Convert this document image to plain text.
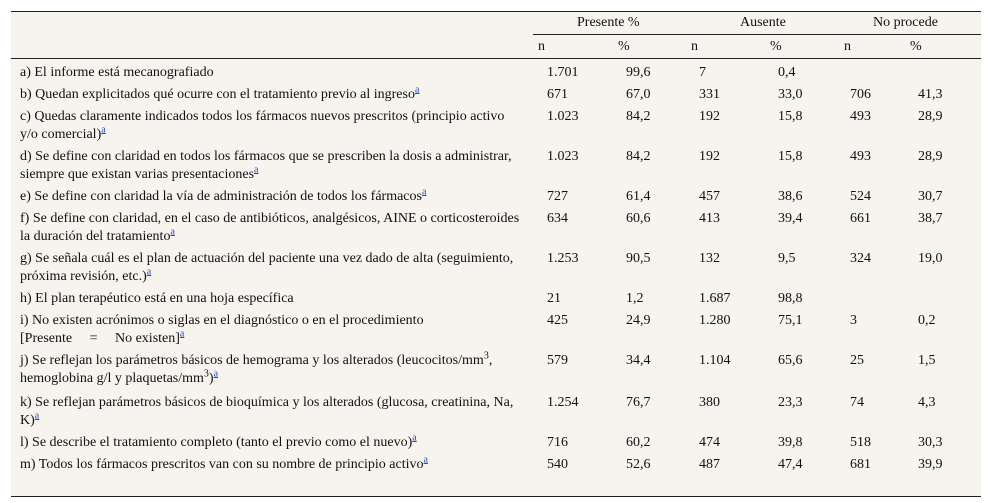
Presente %	Ausente	No procede
n	%	n	%	n	%
a) El informe está mecanografiado	1.701	99,6	7	0,4
b) Quedan explicitados qué ocurre con el tratamiento previo al ingreso$^a$	671	67,0	331	33,0	706	41,3
c) Quedas claramente indicados todos los fármacos nuevos prescritos (principio activo y/o comercial)$^a$
1.023	84,2	192	15,8	493	28,9
d) Se define con claridad en todos los fármacos que se prescriben la dosis a administrar, siempre que existan varias presentaciones$^a$
1.023	84,2	192	15,8	493	28,9
e) Se define con claridad la vía de administración de todos los fármacos$^a$	727	61,4	457	38,6	524	30,7
f) Se define con claridad, en el caso de antibióticos, analgésicos, AINE o corticosteroides la duración del tratamiento$^a$
634	60,6	413	39,4	661	38,7
g) Se señala cuál es el plan de actuación del paciente una vez dado de alta (seguimiento, próxima revisión, etc.)$^a$
1.253	90,5	132	9,5	324	19,0
h) El plan terapéutico está en una hoja específica	21	1,2	1.687	98,8
i) No existen acrónimos o siglas en el diagnóstico o en el procedimiento [Presente     =     No existen]$^a$
425	24,9	1.280	75,1	3	0,2
j) Se reflejan los parámetros básicos de hemograma y los alterados ($leucocitos/mm^3$, hemoglobina g/l y plaquetas/$mm^3)^a$
579	34,4	1.104	65,6	25	1,5
k) Se reflejan parámetros básicos de bioquímica y los alterados (glucosa, creatinina, Na, K)$^a$
1.254	76,7	380	23,3	74	4,3
l) Se describe el tratamiento completo (tanto el previo como el nuevo)$^a$	716	60,2	474	39,8	518	30,3
m) Todos los fármacos prescritos van con su nombre de principio activo$^a$	540	52,6	487	47,4	681	39,9
